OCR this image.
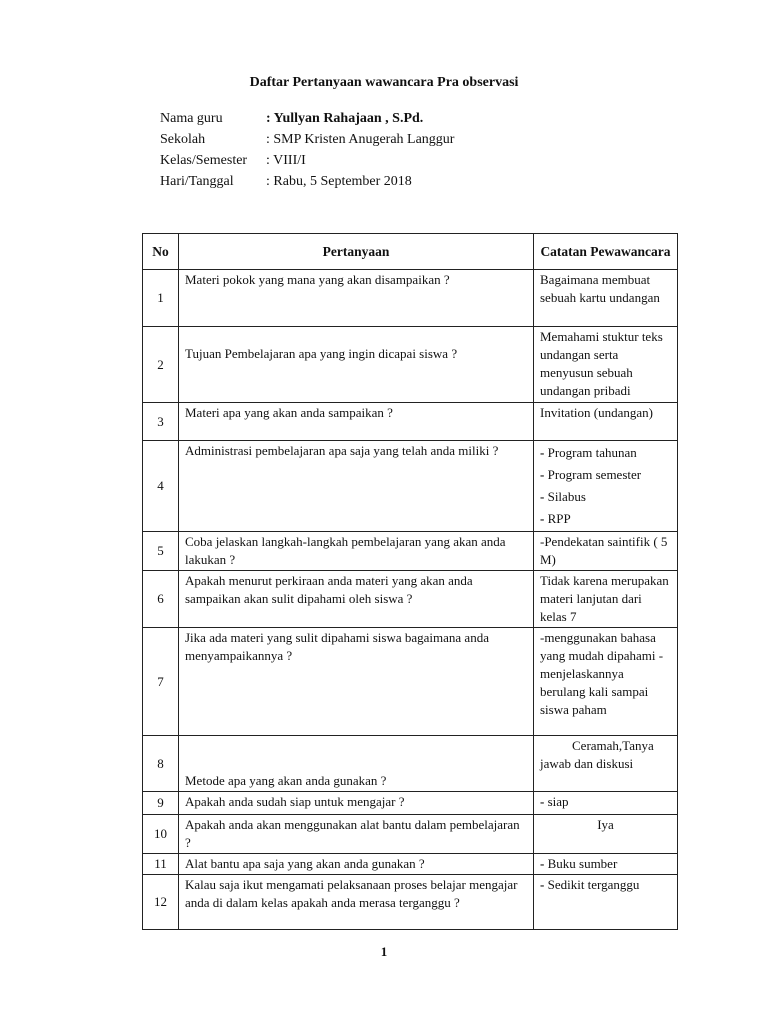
Daftar Pertanyaan wawancara Pra observasi
Nama guru	: Yullyan Rahajaan , S.Pd.
Sekolah	: SMP Kristen Anugerah Langgur
Kelas/Semester	: VIII/I
Hari/Tanggal	: Rabu, 5 September 2018
No	Pertanyaan	Catatan Pewawancara
1	Materi pokok yang mana yang akan disampaikan ?	Bagaimana membuat sebuah kartu undangan
2	Tujuan Pembelajaran apa yang ingin dicapai siswa ?	Memahami stuktur teks undangan serta menyusun sebuah undangan pribadi
3	Materi apa yang akan anda sampaikan ?	Invitation (undangan)
4	Administrasi pembelajaran apa saja yang telah anda miliki ?	- Program tahunan
- Program semester
- Silabus
- RPP

5	Coba jelaskan langkah-langkah pembelajaran yang akan anda lakukan ?	-Pendekatan saintifik ( 5 M)
6	Apakah menurut perkiraan anda materi yang akan anda sampaikan akan sulit dipahami oleh siswa ?	Tidak karena merupakan materi lanjutan dari kelas 7
7	Jika ada materi yang sulit dipahami siswa bagaimana anda menyampaikannya ?	-menggunakan bahasa yang mudah dipahami -menjelaskannya berulang kali sampai siswa paham
8	Metode apa yang akan anda gunakan ?	Ceramah,Tanya jawab dan diskusi
9	Apakah anda sudah siap untuk mengajar ?	- siap

10	Apakah anda akan menggunakan alat bantu dalam pembelajaran ?	Iya
11	Alat bantu apa saja yang akan anda gunakan ?	- Buku sumber

12	Kalau saja ikut mengamati pelaksanaan proses belajar mengajar anda di dalam kelas apakah anda merasa terganggu ?	- Sedikit terganggu
1
